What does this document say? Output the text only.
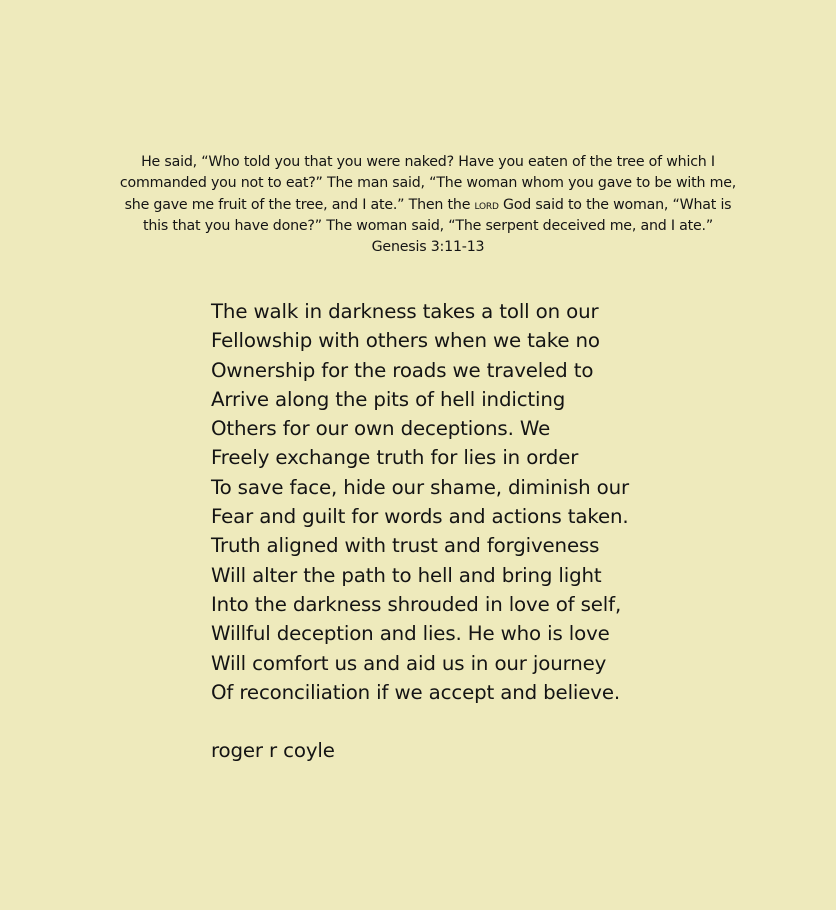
He said, “Who told you that you were naked? Have you eaten of the tree of which I
commanded you not to eat?” The man said, “The woman whom you gave to be with me,
she gave me fruit of the tree, and I ate.” Then the lord God said to the woman, “What is
this that you have done?” The woman said, “The serpent deceived me, and I ate.”
Genesis 3:11-13
The walk in darkness takes a toll on our
Fellowship with others when we take no
Ownership for the roads we traveled to
Arrive along the pits of hell indicting
Others for our own deceptions. We
Freely exchange truth for lies in order
To save face, hide our shame, diminish our
Fear and guilt for words and actions taken.
Truth aligned with trust and forgiveness
Will alter the path to hell and bring light
Into the darkness shrouded in love of self,
Willful deception and lies. He who is love
Will comfort us and aid us in our journey
Of reconciliation if we accept and believe.
roger r coyle
